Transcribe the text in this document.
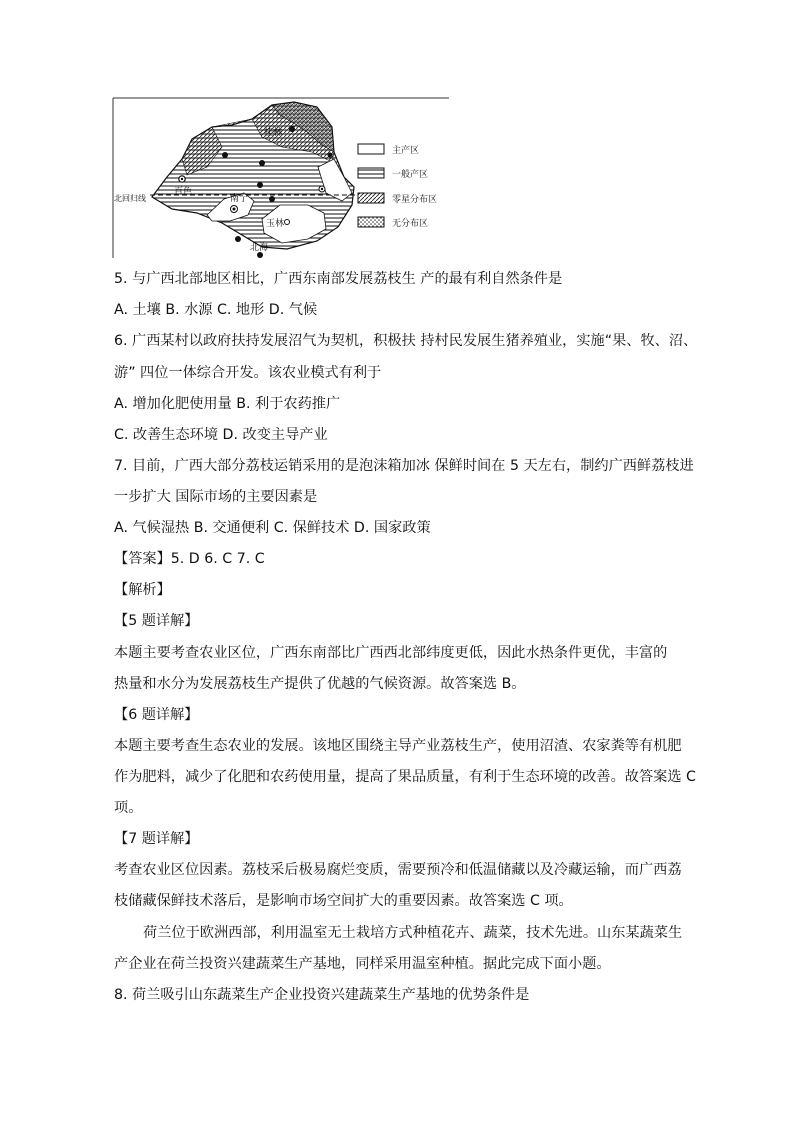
桂林
百色
南宁
玉林
北海
北回归线
主产区
一般产区
零星分布区
无分布区
5. 与广西北部地区相比，广西东南部发展荔枝生 产的最有利自然条件是
A. 土壤 B. 水源 C. 地形 D. 气候
6. 广西某村以政府扶持发展沼气为契机，积极扶 持村民发展生猪养殖业，实施“果、牧、沼、
游” 四位一体综合开发。该农业模式有利于
A. 增加化肥使用量 B. 利于农药推广
C. 改善生态环境 D. 改变主导产业
7. 目前，广西大部分荔枝运销采用的是泡沫箱加冰 保鲜时间在 5 天左右，制约广西鲜荔枝进
一步扩大 国际市场的主要因素是
A. 气候湿热 B. 交通便利 C. 保鲜技术 D. 国家政策
【答案】5. D 6. C 7. C
【解析】
【5 题详解】
本题主要考查农业区位，广西东南部比广西西北部纬度更低，因此水热条件更优，丰富的
热量和水分为发展荔枝生产提供了优越的气候资源。故答案选 B。
【6 题详解】
本题主要考查生态农业的发展。该地区围绕主导产业荔枝生产，使用沼渣、农家粪等有机肥
作为肥料，减少了化肥和农药使用量，提高了果品质量，有利于生态环境的改善。故答案选 C
项。
【7 题详解】
考查农业区位因素。荔枝采后极易腐烂变质，需要预冷和低温储藏以及冷藏运输，而广西荔
枝储藏保鲜技术落后，是影响市场空间扩大的重要因素。故答案选 C 项。
荷兰位于欧洲西部，利用温室无土栽培方式种植花卉、蔬菜，技术先进。山东某蔬菜生
产企业在荷兰投资兴建蔬菜生产基地，同样采用温室种植。据此完成下面小题。
8. 荷兰吸引山东蔬菜生产企业投资兴建蔬菜生产基地的优势条件是
